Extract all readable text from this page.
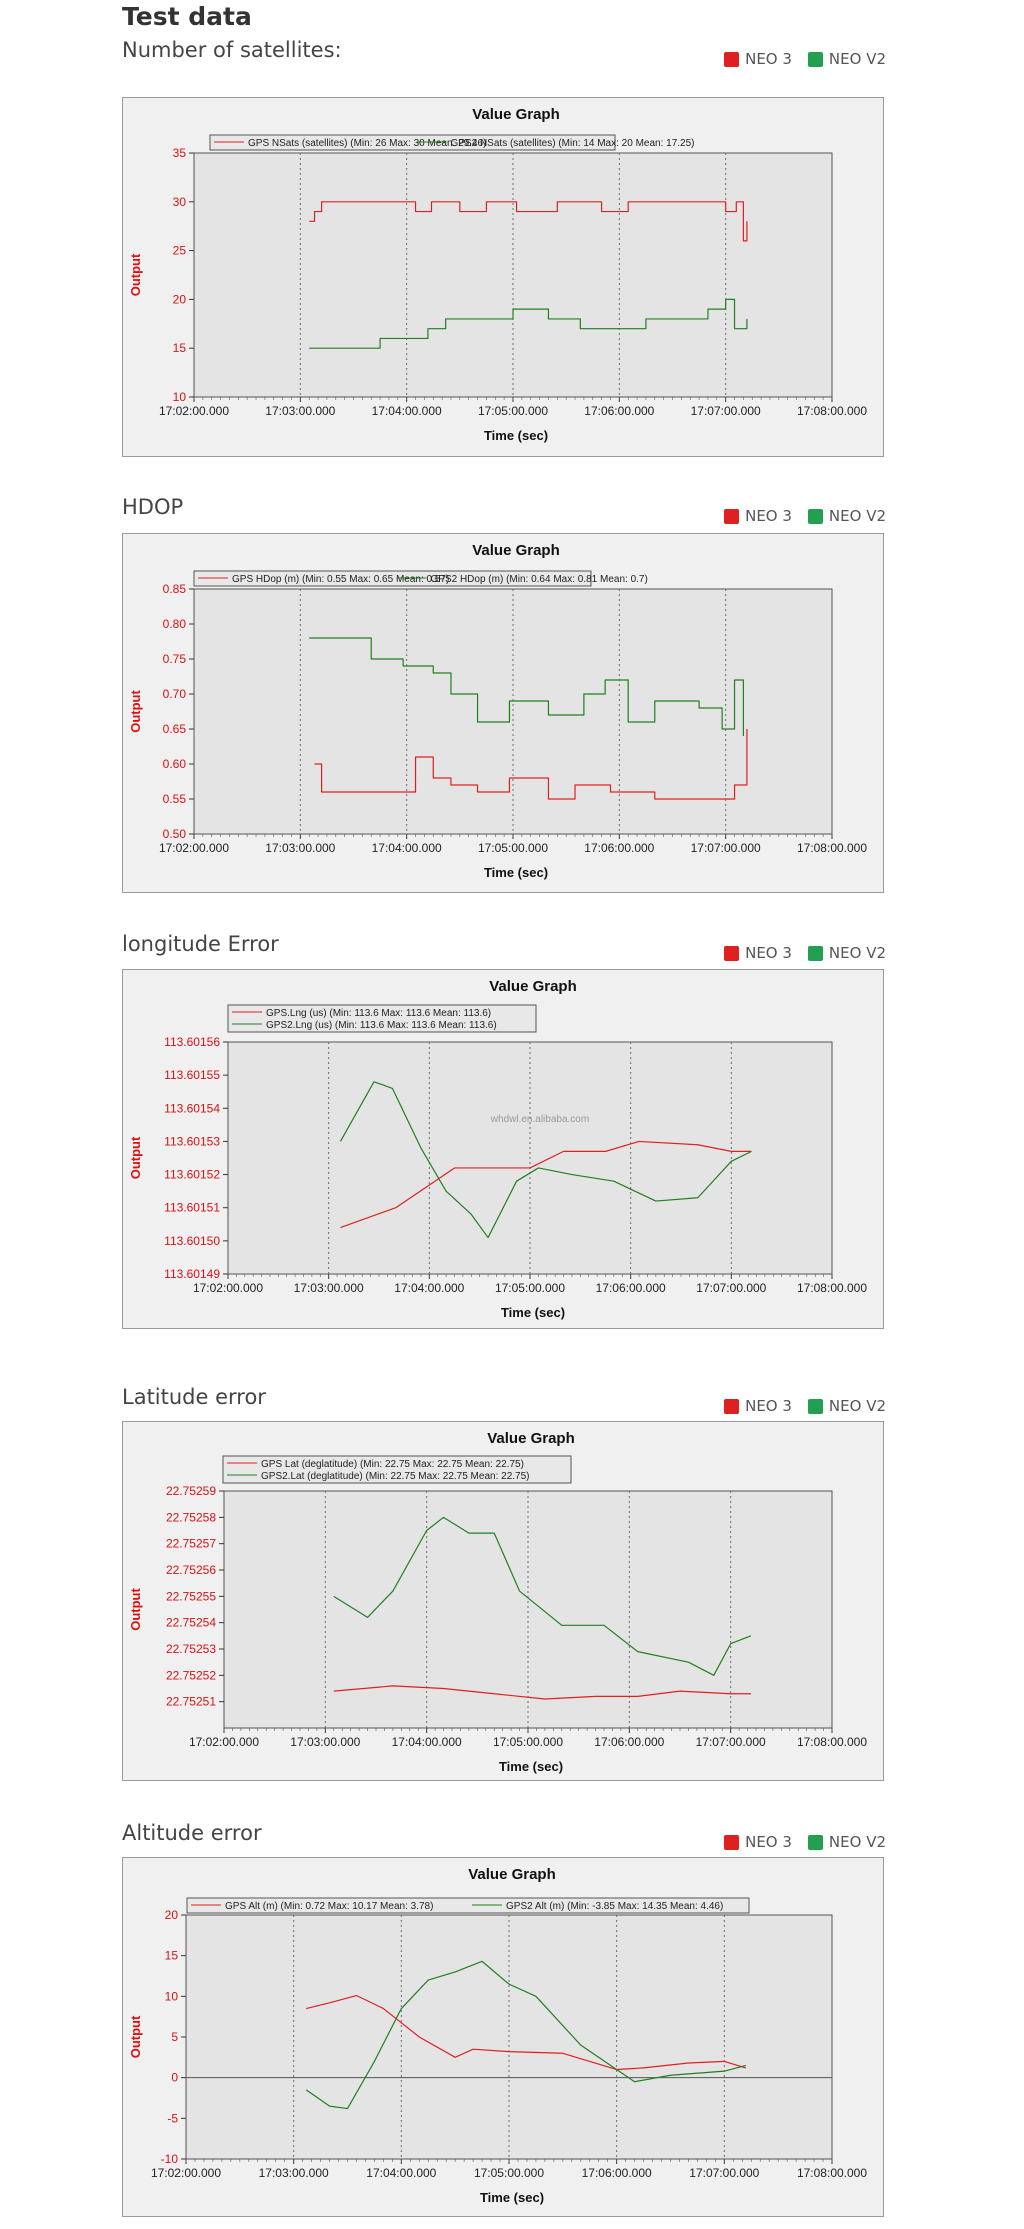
Test data
Number of satellites:	NEO 3 NEO V2
Value Graph
17:02:00.000	17:03:00.000	17:04:00.000	17:05:00.000	17:06:00.000	17:07:00.000	17:08:00.000
10
15
20
25
30
35
Time (sec)
Output
GPS NSats (satellites) (Min: 26 Max: 30 Mean: 29.46)
GPS2 NSats (satellites) (Min: 14 Max: 20 Mean: 17.25)
HDOP	NEO 3 NEO V2
Value Graph
17:02:00.000	17:03:00.000	17:04:00.000	17:05:00.000	17:06:00.000	17:07:00.000	17:08:00.000
0.50
0.55
0.60
0.65
0.70
0.75
0.80
0.85
Time (sec)
Output
GPS HDop (m) (Min: 0.55 Max: 0.65 Mean: 0.57)
GPS2 HDop (m) (Min: 0.64 Max: 0.81 Mean: 0.7)
longitude Error	NEO 3 NEO V2
Value Graph
17:02:00.000	17:03:00.000	17:04:00.000	17:05:00.000	17:06:00.000	17:07:00.000	17:08:00.000
113.60149
113.60150
113.60151
113.60152
113.60153
113.60154
113.60155
113.60156
Time (sec)
Output
whdwl.en.alibaba.com
GPS.Lng (us) (Min: 113.6 Max: 113.6 Mean: 113.6)
GPS2.Lng (us) (Min: 113.6 Max: 113.6 Mean: 113.6)
Latitude error	NEO 3 NEO V2
Value Graph
17:02:00.000	17:03:00.000	17:04:00.000	17:05:00.000	17:06:00.000	17:07:00.000	17:08:00.000
22.75251
22.75252
22.75253
22.75254
22.75255
22.75256
22.75257
22.75258
22.75259
Time (sec)
Output
GPS Lat (deglatitude) (Min: 22.75 Max: 22.75 Mean: 22.75)
GPS2.Lat (deglatitude) (Min: 22.75 Max: 22.75 Mean: 22.75)
Altitude error	NEO 3 NEO V2
Value Graph
17:02:00.000	17:03:00.000	17:04:00.000	17:05:00.000	17:06:00.000	17:07:00.000	17:08:00.000
-10
-5
0
5
10
15
20
Time (sec)
Output
GPS Alt (m) (Min: 0.72 Max: 10.17 Mean: 3.78)	GPS2 Alt (m) (Min: -3.85 Max: 14.35 Mean: 4.46)
